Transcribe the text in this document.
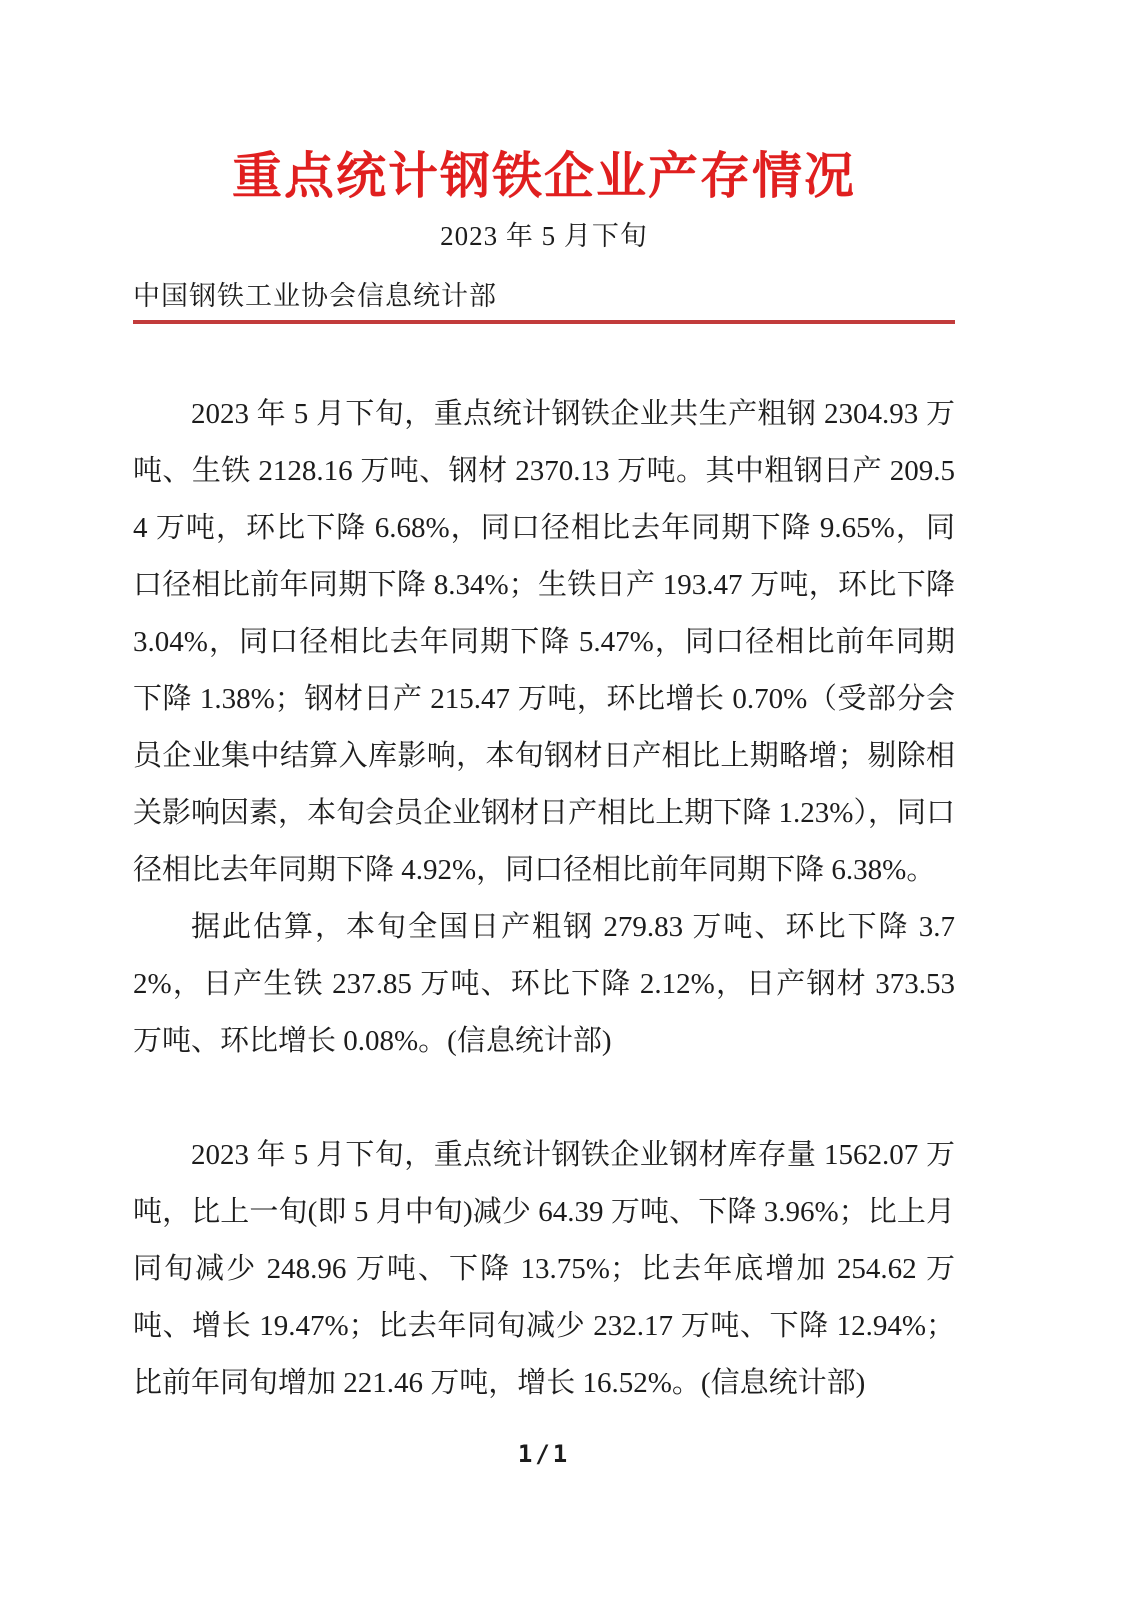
重点统计钢铁企业产存情况
2023 年 5 月下旬
中国钢铁工业协会信息统计部

2023 年 5 月下旬，重点统计钢铁企业共生产粗钢 2304.93 万吨、生铁 2128.16 万吨、钢材 2370.13 万吨。其中粗钢日产 209.54 万吨，环比下降 6.68%，同口径相比去年同期下降 9.65%，同口径相比前年同期下降 8.34%；生铁日产 193.47 万吨，环比下降 3.04%，同口径相比去年同期下降 5.47%，同口径相比前年同期下降 1.38%；钢材日产 215.47 万吨，环比增长 0.70%（受部分会员企业集中结算入库影响，本旬钢材日产相比上期略增；剔除相关影响因素，本旬会员企业钢材日产相比上期下降 1.23%），同口径相比去年同期下降 4.92%，同口径相比前年同期下降 6.38%。

据此估算，本旬全国日产粗钢 279.83 万吨、环比下降 3.72%，日产生铁 237.85 万吨、环比下降 2.12%，日产钢材 373.53 万吨、环比增长 0.08%。(信息统计部)

2023 年 5 月下旬，重点统计钢铁企业钢材库存量 1562.07 万吨，比上一旬(即 5 月中旬)减少 64.39 万吨、下降 3.96%；比上月同旬减少 248.96 万吨、下降 13.75%；比去年底增加 254.62 万吨、增长 19.47%；比去年同旬减少 232.17 万吨、下降 12.94%；比前年同旬增加 221.46 万吨，增长 16.52%。(信息统计部)

1/1
